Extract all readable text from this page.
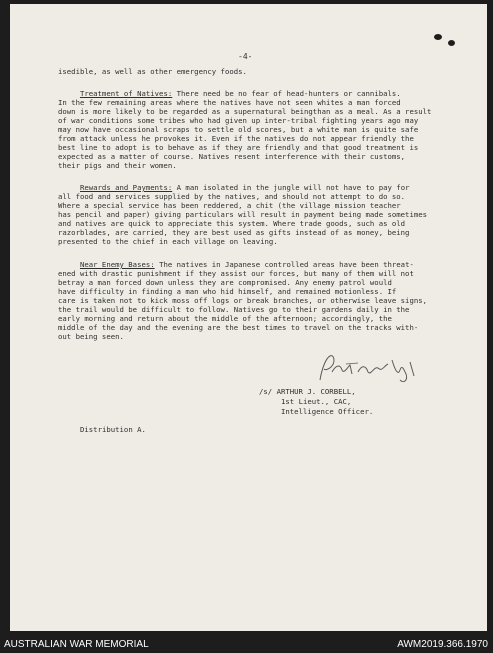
-4-
isedible, as well as other emergency foods.
Treatment of Natives: There need be no fear of head-hunters or cannibals.
In the few remaining areas where the natives have not seen whites a man forced
down is more likely to be regarded as a supernatural beingthan as a meal. As a result
of war conditions some tribes who had given up inter-tribal fighting years ago may
may now have occasional scraps to settle old scores, but a white man is quite safe
from attack unless he provokes it. Even if the natives do not appear friendly the
best line to adopt is to behave as if they are friendly and that good treatment is
expected as a matter of course. Natives resent interference with their customs,
their pigs and their women.
Rewards and Payments: A man isolated in the jungle will not have to pay for
all food and services supplied by the natives, and should not attempt to do so.
Where a special service has been reddered, a chit (the village mission teacher
has pencil and paper) giving particulars will result in payment being made sometimes
and natives are quick to appreciate this system. Where trade goods, such as old
razorblades, are carried, they are best used as gifts instead of as money, being
presented to the chief in each village on leaving.
Near Enemy Bases: The natives in Japanese controlled areas have been threat-
ened with drastic punishment if they assist our forces, but many of them will not
betray a man forced down unless they are compromised. Any enemy patrol would
have difficulty in finding a man who hid himself, and remained motionless. If
care is taken not to kick moss off logs or break branches, or otherwise leave signs,
the trail would be difficult to follow. Natives go to their gardens daily in the
early morning and return about the middle of the afternoon; accordingly, the
middle of the day and the evening are the best times to travel on the tracks with-
out being seen.
/s/ ARTHUR J. CORBELL,
1st Lieut., CAC,
Intelligence Officer.
Distribution A.
AUSTRALIAN WAR MEMORIAL	AWM2019.366.1970
